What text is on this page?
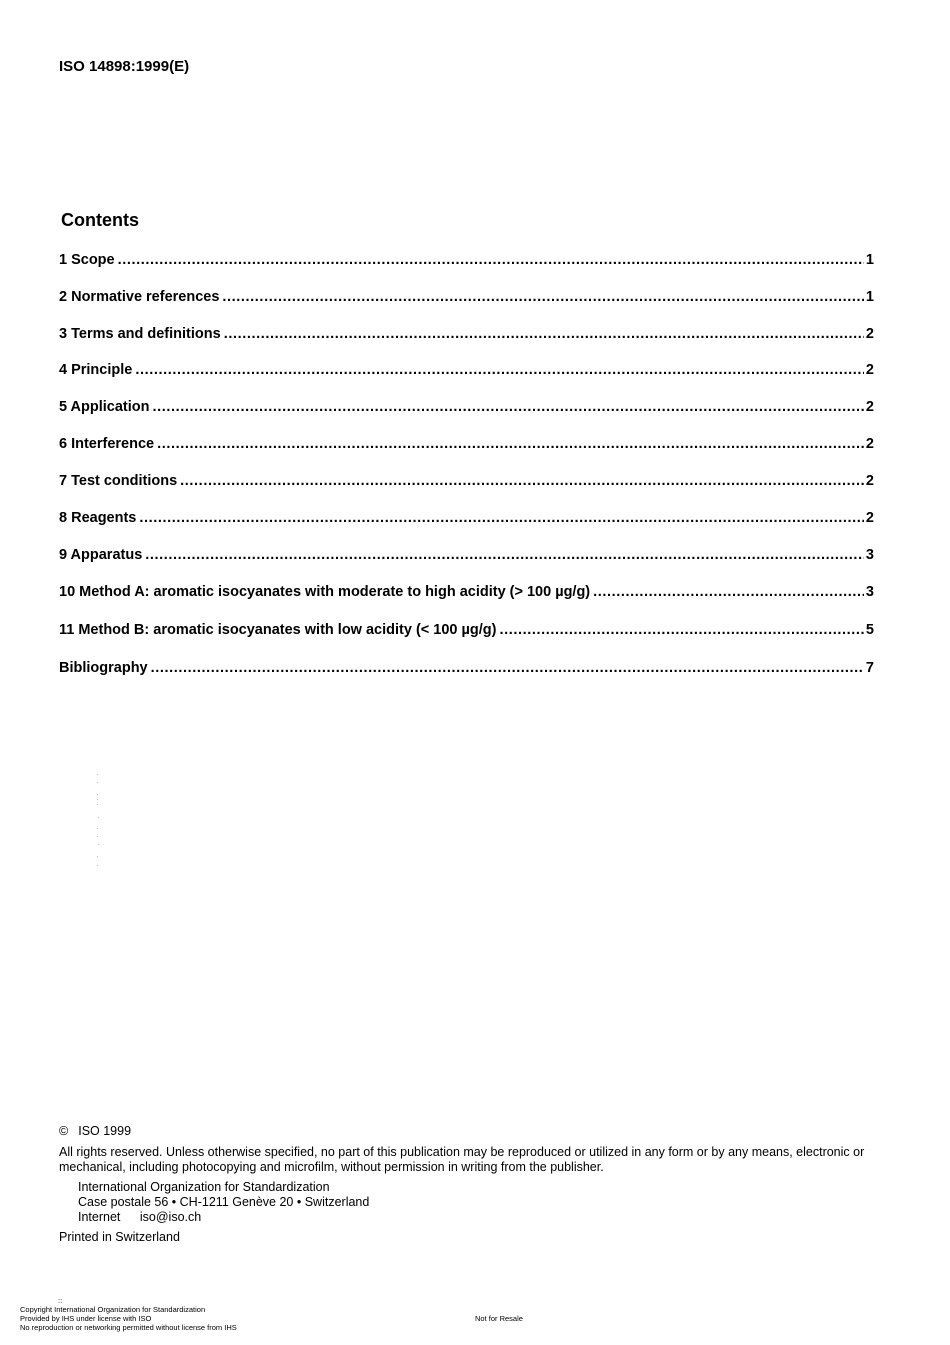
ISO 14898:1999(E)
Contents
1 Scope .....	1
2 Normative references .....	1
3 Terms and definitions .....	2
4 Principle .....	2
5 Application .....	2
6 Interference .....	2
7 Test conditions .....	2
8 Reagents .....	2
9 Apparatus .....	3
10 Method A: aromatic isocyanates with moderate to high acidity (> 100 µg/g) .....	3
11 Method B: aromatic isocyanates with low acidity (< 100 µg/g) .....	5
Bibliography .....	7
© ISO 1999
All rights reserved. Unless otherwise specified, no part of this publication may be reproduced or utilized in any form or by any means, electronic or mechanical, including photocopying and microfilm, without permission in writing from the publisher.
International Organization for Standardization
Case postale 56 • CH-1211 Genève 20 • Switzerland
Internet iso@iso.ch
Printed in Switzerland
::
Copyright International Organization for Standardization
Provided by IHS under license with ISO
No reproduction or networking permitted without license from IHS
Not for Resale
